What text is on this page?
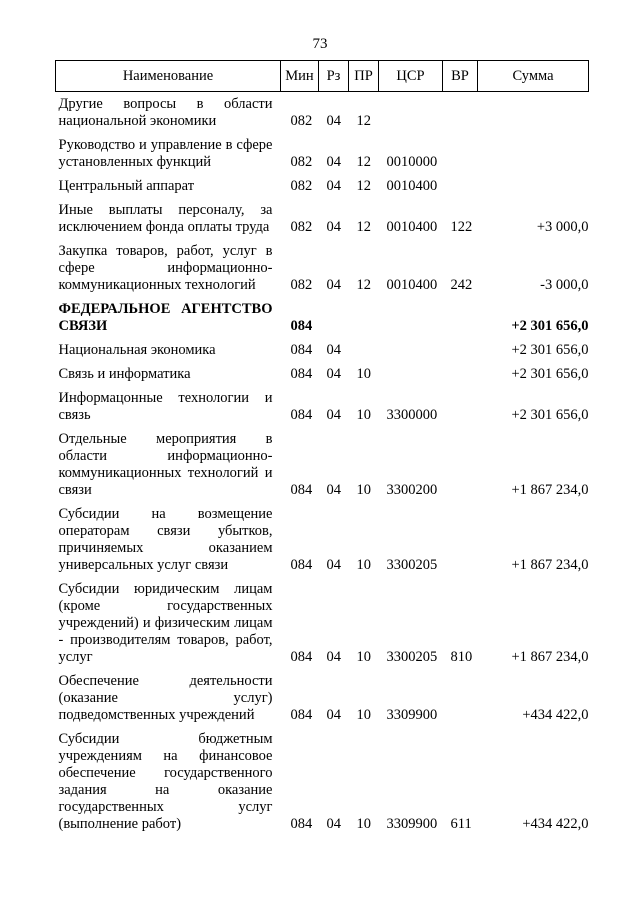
73
Наименование	Мин	Рз	ПР	ЦСР	ВР	Сумма
Другие вопросы в области национальной экономики	082	04	12			
Руководство и управление в сфере установленных функций	082	04	12	0010000		
Центральный аппарат	082	04	12	0010400		
Иные выплаты персоналу, за исключением фонда оплаты труда	082	04	12	0010400	122	+3 000,0
Закупка товаров, работ, услуг в сфере информационно-коммуникационных технологий	082	04	12	0010400	242	-3 000,0
ФЕДЕРАЛЬНОЕ АГЕНТСТВО СВЯЗИ	084					+2 301 656,0
Национальная экономика	084	04				+2 301 656,0
Связь и информатика	084	04	10			+2 301 656,0
Информацонные технологии и связь	084	04	10	3300000		+2 301 656,0
Отдельные мероприятия в области информационно-коммуникационных технологий и связи	084	04	10	3300200		+1 867 234,0
Субсидии на возмещение операторам связи убытков, причиняемых оказанием универсальных услуг связи	084	04	10	3300205		+1 867 234,0
Субсидии юридическим лицам (кроме государственных учреждений) и физическим лицам - производителям товаров, работ, услуг	084	04	10	3300205	810	+1 867 234,0
Обеспечение деятельности (оказание услуг) подведомственных учреждений	084	04	10	3309900		+434 422,0
Субсидии бюджетным учреждениям на финансовое обеспечение государственного задания на оказание государственных услуг (выполнение работ)	084	04	10	3309900	611	+434 422,0
